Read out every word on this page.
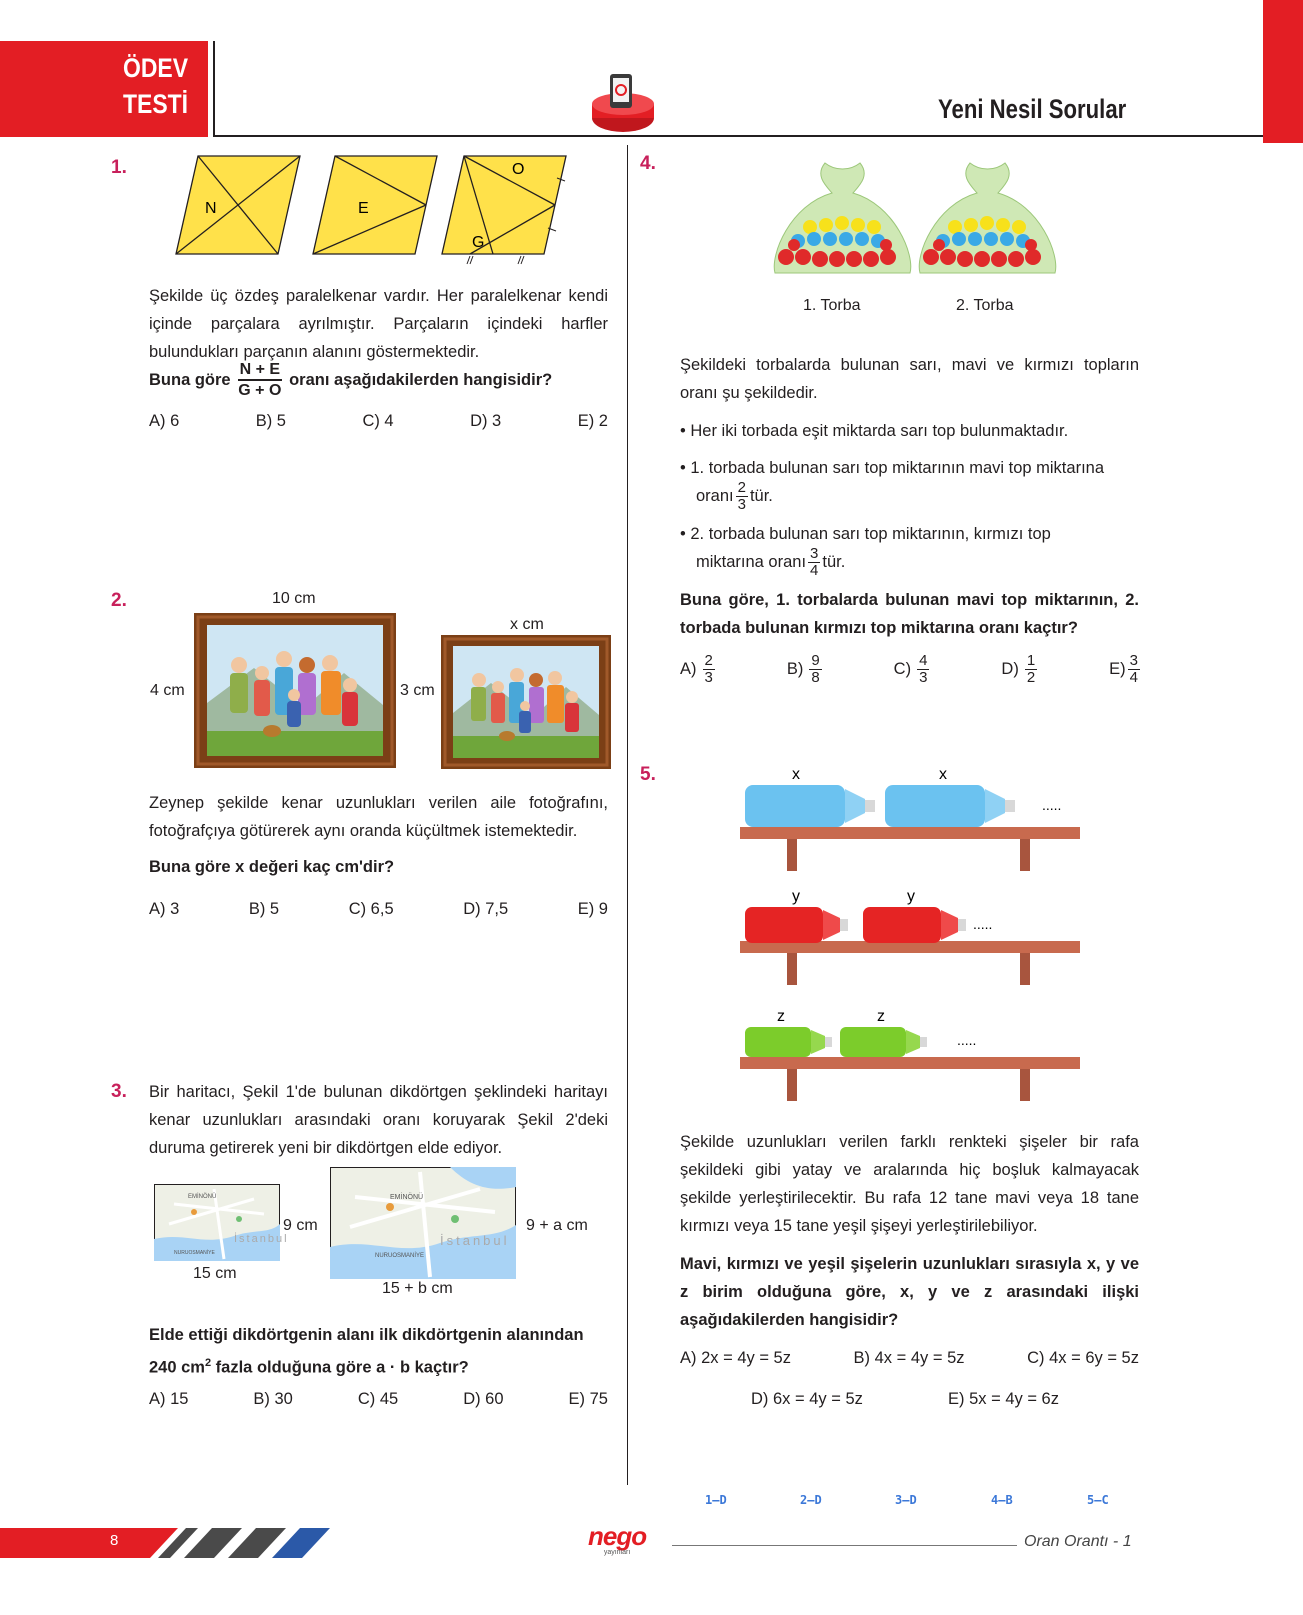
ÖDEV
TESTİ	Yeni Nesil Sorular
1.
N	E
O
G
Şekilde üç özdeş paralelkenar vardır. Her paralelkenar kendi içinde parçalara ayrılmıştır. Parçaların içindeki harfler bulundukları parçanın alanını göstermektedir.
Buna göre $\frac{N + E}{G + O}$ oranı aşağıdakilerden hangisidir?
A) 6	B) 5	C) 4	D) 3	E) 2
2.	10 cm
4 cm
x cm
3 cm
Zeynep şekilde kenar uzunlukları verilen aile fotoğrafını, fotoğrafçıya götürerek aynı oranda küçültmek istemektedir.
Buna göre x değeri kaç cm'dir?
A) 3	B) 5	C) 6,5	D) 7,5	E) 9
3. Bir haritacı, Şekil 1'de bulunan dikdörtgen şeklindeki haritayı kenar uzunlukları arasındaki oranı koruyarak Şekil 2'deki duruma getirerek yeni bir dikdörtgen elde ediyor.
EMİNÖNÜ
İstanbul
NURUOSMANİYE
9 cm
15 cm
EMİNÖNÜ
İstanbul
NURUOSMANİYE
9 + a cm
15 + b cm
Elde ettiği dikdörtgenin alanı ilk dikdörtgenin alanından
240 $cm^2$ fazla olduğuna göre a · b kaçtır?
A) 15	B) 30	C) 45	D) 60	E) 75
4.
1. Torba	2. Torba
Şekildeki torbalarda bulunan sarı, mavi ve kırmızı topların oranı şu şekildedir.
• Her iki torbada eşit miktarda sarı top bulunmaktadır.
• 1. torbada bulunan sarı top miktarının mavi top miktarına
oranı $\frac{2}{3}$ tür.
• 2. torbada bulunan sarı top miktarının, kırmızı top
miktarına oranı $\frac{3}{4}$ tür.
Buna göre, 1. torbalarda bulunan mavi top miktarının, 2. torbada bulunan kırmızı top miktarına oranı kaçtır?
$A) \frac{2}{3}$	$B) \frac{9}{8}$	$C) \frac{4}{3}$	$D) \frac{1}{2}$	$E) \frac{3}{4}$
5.	x	x
.....
y	y
.....
z	z
.....
Şekilde uzunlukları verilen farklı renkteki şişeler bir rafa şekildeki gibi yatay ve aralarında hiç boşluk kalmayacak şekilde yerleştirilecektir. Bu rafa 12 tane mavi veya 18 tane kırmızı veya 15 tane yeşil şişeyi yerleştirilebiliyor.
Mavi, kırmızı ve yeşil şişelerin uzunlukları sırasıyla x, y ve z birim olduğuna göre, x, y ve z arasındaki ilişki aşağıdakilerden hangisidir?
A) 2x = 4y = 5z	B) 4x = 4y = 5z	C) 4x = 6y = 5z
D) 6x = 4y = 5z	E) 5x = 4y = 6z
1–D	2–D	3–D	4–B	5–C
8	nego
yayınları
Oran Orantı - 1
